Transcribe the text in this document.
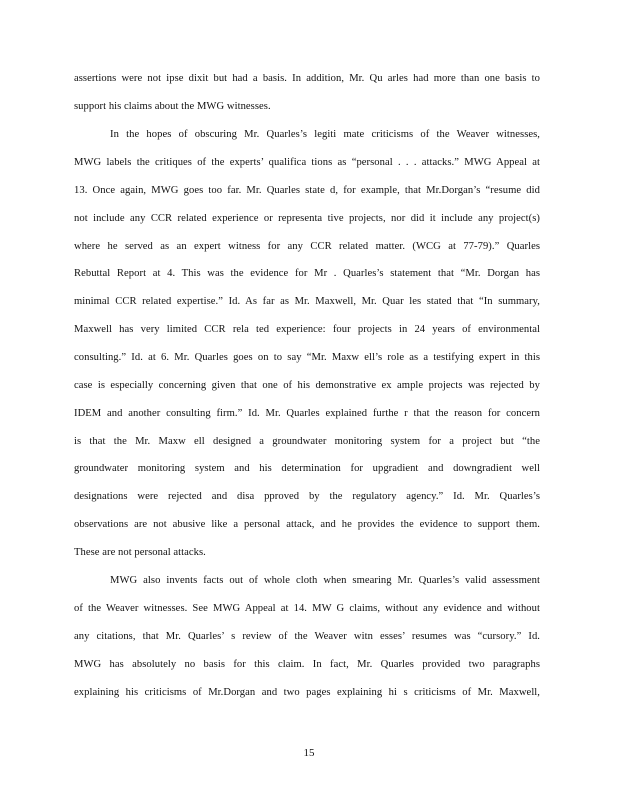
assertions were not ipse dixit but had a basis. In addition, Mr. Qu arles had more than one basis to
support his claims about the MWG witnesses.
In the hopes of obscuring Mr. Quarles’s legiti mate criticisms of the Weaver witnesses,
MWG labels the critiques of the experts’ qualifica tions as “personal . . . attacks.” MWG Appeal at
13. Once again, MWG goes too far. Mr. Quarles state d, for example, that Mr.Dorgan’s “resume did
not include any CCR related experience or representa tive projects, nor did it include any project(s)
where he served as an expert witness for any CCR related matter. (WCG at 77-79).” Quarles
Rebuttal Report at 4. This was the evidence for Mr . Quarles’s statement that “Mr. Dorgan has
minimal CCR related expertise.” Id. As far as Mr. Maxwell, Mr. Quar les stated that “In summary,
Maxwell has very limited CCR rela ted experience: four projects in 24 years of environmental
consulting.” Id. at 6. Mr. Quarles goes on to say “Mr. Maxw ell’s role as a testifying expert in this
case is especially concerning given that one of his demonstrative ex ample projects was rejected by
IDEM and another consulting firm.” Id. Mr. Quarles explained furthe r that the reason for concern
is that the Mr. Maxw ell designed a groundwater monitoring system for a project but “the
groundwater monitoring system and his determination for upgradient and downgradient well
designations were rejected and disa pproved by the regulatory agency.” Id. Mr. Quarles’s
observations are not abusive like a personal attack, and he provides the evidence to support them.
These are not personal attacks.
MWG also invents facts out of whole cloth when smearing Mr. Quarles’s valid assessment
of the Weaver witnesses. See MWG Appeal at 14. MW G claims, without any evidence and without
any citations, that Mr. Quarles’ s review of the Weaver witn esses’ resumes was “cursory.” Id.
MWG has absolutely no basis for this claim. In fact, Mr. Quarles provided two paragraphs
explaining his criticisms of Mr.Dorgan and two pages explaining hi s criticisms of Mr. Maxwell,
15
